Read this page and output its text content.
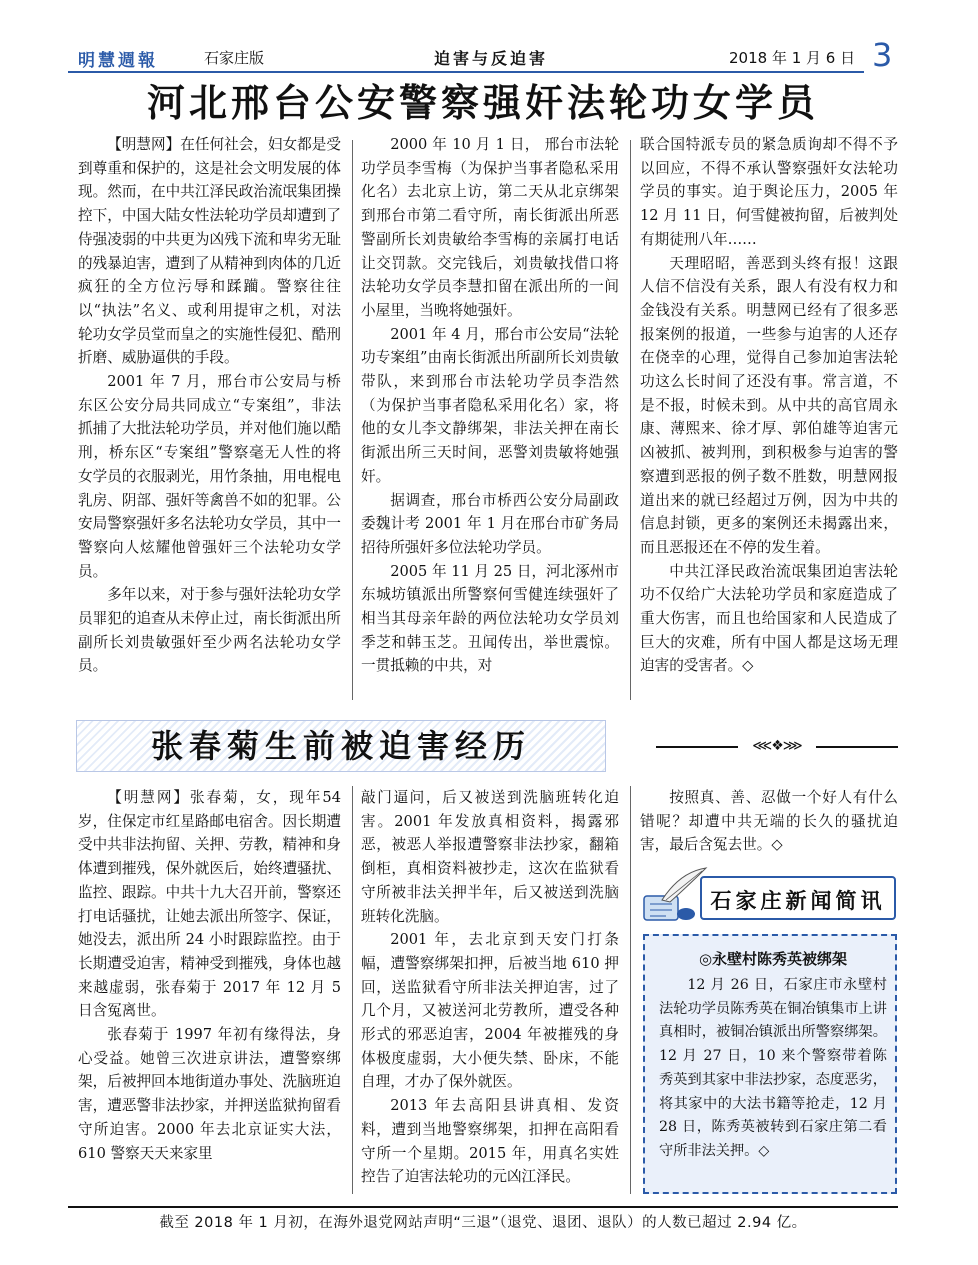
明慧週報	石家庄版	迫害与反迫害	2018 年 1 月 6 日 3
河北邢台公安警察强奸法轮功女学员

【明慧网】在任何社会，妇女都是受到尊重和保护的，这是社会文明发展的体现。然而，在中共江泽民政治流氓集团操控下，中国大陆女性法轮功学员却遭到了侍强凌弱的中共更为凶残下流和卑劣无耻的残暴迫害，遭到了从精神到肉体的几近疯狂的全方位污辱和蹂躏。警察往往以“执法”名义、或利用提审之机，对法轮功女学员堂而皇之的实施性侵犯、酷刑折磨、威胁逼供的手段。

2001 年 7 月，邢台市公安局与桥东区公安分局共同成立“专案组”，非法抓捕了大批法轮功学员，并对他们施以酷刑，桥东区“专案组”警察毫无人性的将女学员的衣服剥光，用竹条抽，用电棍电乳房、阴部、强奸等禽兽不如的犯罪。公安局警察强奸多名法轮功女学员，其中一警察向人炫耀他曾强奸三个法轮功女学员。

多年以来，对于参与强奸法轮功女学员罪犯的追查从未停止过，南长街派出所副所长刘贵敏强奸至少两名法轮功女学员。

2000 年 10 月 1 日， 邢台市法轮功学员李雪梅（为保护当事者隐私采用化名）去北京上访，第二天从北京绑架到邢台市第二看守所，南长街派出所恶警副所长刘贵敏给李雪梅的亲属打电话让交罚款。交完钱后，刘贵敏找借口将法轮功女学员李慧扣留在派出所的一间小屋里，当晚将她强奸。

2001 年 4 月，邢台市公安局“法轮功专案组”由南长街派出所副所长刘贵敏带队，来到邢台市法轮功学员李浩然（为保护当事者隐私采用化名）家，将他的女儿李文静绑架，非法关押在南长街派出所三天时间，恶警刘贵敏将她强奸。

据调查，邢台市桥西公安分局副政委魏计考 2001 年 1 月在邢台市矿务局招待所强奸多位法轮功学员。

2005 年 11 月 25 日，河北涿州市东城坊镇派出所警察何雪健连续强奸了相当其母亲年龄的两位法轮功女学员刘季芝和韩玉芝。丑闻传出，举世震惊。一贯抵赖的中共，对

联合国特派专员的紧急质询却不得不予以回应，不得不承认警察强奸女法轮功学员的事实。迫于舆论压力，2005 年 12 月 11 日，何雪健被拘留，后被判处有期徒刑八年……

天理昭昭，善恶到头终有报！这跟人信不信没有关系，跟人有没有权力和金钱没有关系。明慧网已经有了很多恶报案例的报道，一些参与迫害的人还存在侥幸的心理，觉得自己参加迫害法轮功这么长时间了还没有事。常言道，不是不报，时候未到。从中共的高官周永康、薄熙来、徐才厚、郭伯雄等迫害元凶被抓、被判刑，到积极参与迫害的警察遭到恶报的例子数不胜数，明慧网报道出来的就已经超过万例，因为中共的信息封锁，更多的案例还未揭露出来，而且恶报还在不停的发生着。

中共江泽民政治流氓集团迫害法轮功不仅给广大法轮功学员和家庭造成了重大伤害，而且也给国家和人民造成了巨大的灾难，所有中国人都是这场无理迫害的受害者。◇

张春菊生前被迫害经历	⋘❖⋙

【明慧网】张春菊，女，现年54 岁，住保定市红星路邮电宿舍。因长期遭受中共非法拘留、关押、劳教，精神和身体遭到摧残，保外就医后，始终遭骚扰、监控、跟踪。中共十九大召开前，警察还打电话骚扰，让她去派出所签字、保证，她没去，派出所 24 小时跟踪监控。由于长期遭受迫害，精神受到摧残，身体也越来越虚弱，张春菊于 2017 年 12 月 5日含冤离世。

张春菊于 1997 年初有缘得法，身心受益。她曾三次进京讲法，遭警察绑架，后被押回本地街道办事处、洗脑班迫害，遭恶警非法抄家，并押送监狱拘留看守所迫害。2000 年去北京证实大法，610 警察天天来家里

敲门逼问，后又被送到洗脑班转化迫害。2001 年发放真相资料，揭露邪恶，被恶人举报遭警察非法抄家，翻箱倒柜，真相资料被抄走，这次在监狱看守所被非法关押半年，后又被送到洗脑班转化洗脑。

2001 年，去北京到天安门打条幅，遭警察绑架扣押，后被当地 610 押回，送监狱看守所非法关押迫害，过了几个月，又被送河北劳教所，遭受各种形式的邪恶迫害，2004 年被摧残的身体极度虚弱，大小便失禁、卧床，不能自理，才办了保外就医。

2013 年去高阳县讲真相、发资料，遭到当地警察绑架，扣押在高阳看守所一个星期。2015 年，用真名实姓控告了迫害法轮功的元凶江泽民。

按照真、善、忍做一个好人有什么错呢？却遭中共无端的长久的骚扰迫害，最后含冤去世。◇

石家庄新闻简讯
◎永壁村陈秀英被绑架

12 月 26 日，石家庄市永壁村法轮功学员陈秀英在铜冶镇集市上讲真相时，被铜冶镇派出所警察绑架。12 月 27 日，10 来个警察带着陈秀英到其家中非法抄家，态度恶劣，将其家中的大法书籍等抢走，12 月 28 日，陈秀英被转到石家庄第二看守所非法关押。◇

截至 2018 年 1 月初，在海外退党网站声明“三退”（退党、退团、退队）的人数已超过 2.94 亿。
